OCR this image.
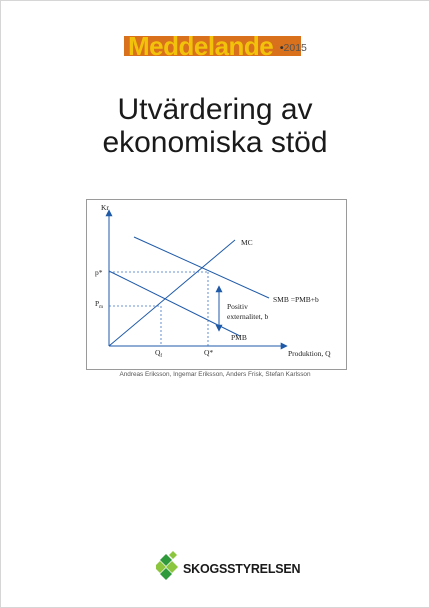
Meddelande 6•2015
Utvärdering av
ekonomiska stöd
Kr
Produktion, Q
p*
$P_m$
$Q_f$	Q*
MC
SMB =PMB+b
PMB
Positiv
externalitet, b
Andreas Eriksson, Ingemar Eriksson, Anders Frisk, Stefan Karlsson
SKOGSSTYRELSEN
